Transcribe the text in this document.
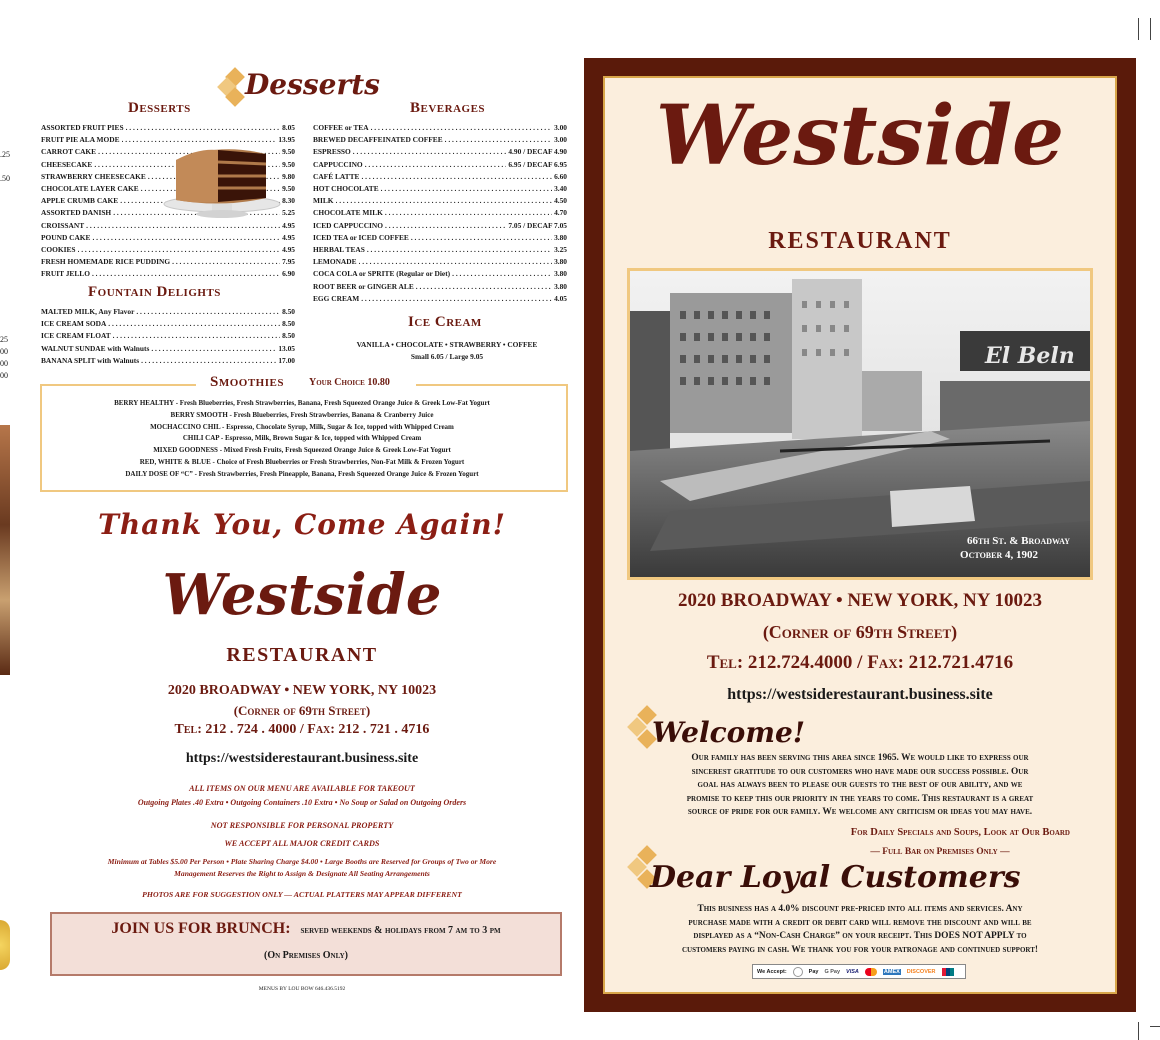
.25
.50
25
00
00
00
Desserts
Desserts
ASSORTED FRUIT PIES . . .	8.05
FRUIT PIE ALA MODE . . .	13.95
CARROT CAKE . . .	9.50
CHEESECAKE . . .	9.50
STRAWBERRY CHEESECAKE . . .	9.80
CHOCOLATE LAYER CAKE . . .	9.50
APPLE CRUMB CAKE . . .	8.30
ASSORTED DANISH . . .	5.25
CROISSANT . . .	4.95
POUND CAKE . . .	4.95
COOKIES . . .	4.95
FRESH HOMEMADE RICE PUDDING . . .	7.95
FRUIT JELLO . . .	6.90
Fountain Delights
MALTED MILK, Any Flavor . . .	8.50
ICE CREAM SODA . . .	8.50
ICE CREAM FLOAT . . .	8.50
WALNUT SUNDAE with Walnuts . . .	13.05
BANANA SPLIT with Walnuts . . .	17.00
Beverages
COFFEE or TEA . . .	3.00
BREWED DECAFFEINATED COFFEE . . .	3.00
ESPRESSO . . .	4.90 / DECAF 4.90
CAPPUCCINO . . .	6.95 / DECAF 6.95
CAFÉ LATTE . . .	6.60
HOT CHOCOLATE . . .	3.40
MILK . . .	4.50
CHOCOLATE MILK . . .	4.70
ICED CAPPUCCINO . . .	7.05 / DECAF 7.05
ICED TEA or ICED COFFEE . . .	3.80
HERBAL TEAS . . .	3.25
LEMONADE . . .	3.80
COCA COLA or SPRITE (Regular or Diet) . . .	3.80
ROOT BEER or GINGER ALE . . .	3.80
EGG CREAM . . .	4.05
Ice Cream
VANILLA • CHOCOLATE • STRAWBERRY • COFFEE
Small 6.05 / Large 9.05
Smoothies	Your Choice 10.80
BERRY HEALTHY - Fresh Blueberries, Fresh Strawberries, Banana, Fresh Squeezed Orange Juice & Greek Low-Fat Yogurt
BERRY SMOOTH - Fresh Blueberries, Fresh Strawberries, Banana & Cranberry Juice
MOCHACCINO CHIL - Espresso, Chocolate Syrup, Milk, Sugar & Ice, topped with Whipped Cream
CHILI CAP - Espresso, Milk, Brown Sugar & Ice, topped with Whipped Cream
MIXED GOODNESS - Mixed Fresh Fruits, Fresh Squeezed Orange Juice & Greek Low-Fat Yogurt
RED, WHITE & BLUE - Choice of Fresh Blueberries or Fresh Strawberries, Non-Fat Milk & Frozen Yogurt
DAILY DOSE OF “C” - Fresh Strawberries, Fresh Pineapple, Banana, Fresh Squeezed Orange Juice & Frozen Yogurt
Thank You, Come Again!
Westside
RESTAURANT
2020 BROADWAY • NEW YORK, NY 10023
(Corner of 69th Street)
Tel: 212 . 724 . 4000 / Fax: 212 . 721 . 4716
https://westsiderestaurant.business.site
ALL ITEMS ON OUR MENU ARE AVAILABLE FOR TAKEOUT
Outgoing Plates .40 Extra • Outgoing Containers .10 Extra • No Soup or Salad on Outgoing Orders
NOT RESPONSIBLE FOR PERSONAL PROPERTY
WE ACCEPT ALL MAJOR CREDIT CARDS
Minimum at Tables $5.00 Per Person • Plate Sharing Charge $4.00 • Large Booths are Reserved for Groups of Two or More
Management Reserves the Right to Assign & Designate All Seating Arrangements
PHOTOS ARE FOR SUGGESTION ONLY — ACTUAL PLATTERS MAY APPEAR DIFFERENT
JOIN US FOR BRUNCH: served weekends & holidays from 7 am to 3 pm
(On Premises Only)
MENUS BY LOU BOW 646.436.5192
Westside
RESTAURANT
El Beln
66th St. & Broadway
October 4, 1902
2020 BROADWAY • NEW YORK, NY 10023
(Corner of 69th Street)
Tel: 212.724.4000 / Fax: 212.721.4716
https://westsiderestaurant.business.site
Welcome!
Our family has been serving this area since 1965. We would like to express our
sincerest gratitude to our customers who have made our success possible. Our
goal has always been to please our guests to the best of our ability, and we
promise to keep this our priority in the years to come. This restaurant is a great
source of pride for our family. We welcome any criticism or ideas you may have.
For Daily Specials and Soups, Look at Our Board
— Full Bar on Premises Only —
Dear Loyal Customers
This business has a 4.0% discount pre-priced into all items and services. Any
purchase made with a credit or debit card will remove the discount and will be
displayed as a “Non-Cash Charge” on your receipt. This DOES NOT APPLY to
customers paying in cash. We thank you for your patronage and continued support!
We Accept:	Pay G Pay VISA	AMEX DISCOVER
